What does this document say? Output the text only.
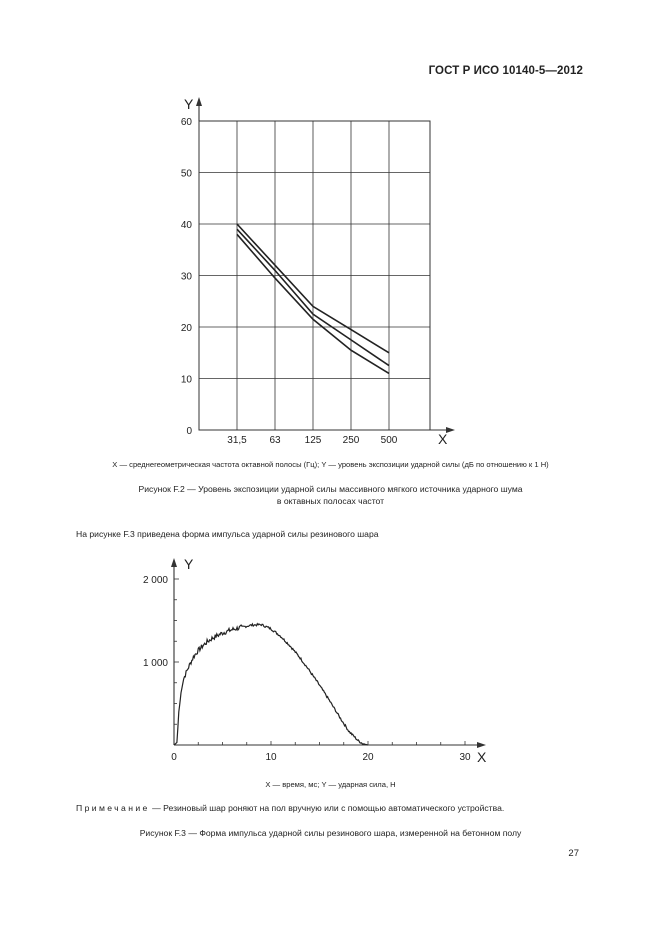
ГОСТ Р ИСО 10140-5—2012
Y
X
0
10
20
30
40
50
60
31,5 63 125 250 500
Y
X
1 000
2 000
0	10	20	30
X — среднегеометрическая частота октавной полосы (Гц); Y — уровень экспозиции ударной силы (дБ по отношению к 1 Н)
Рисунок F.2 — Уровень экспозиции ударной силы массивного мягкого источника ударного шума
в октавных полосах частот
На рисунке F.3 приведена форма импульса ударной силы резинового шара
X — время, мс; Y — ударная сила, Н
Примечание — Резиновый шар роняют на пол вручную или с помощью автоматического устройства.
Рисунок F.3 — Форма импульса ударной силы резинового шара, измеренной на бетонном полу
27
